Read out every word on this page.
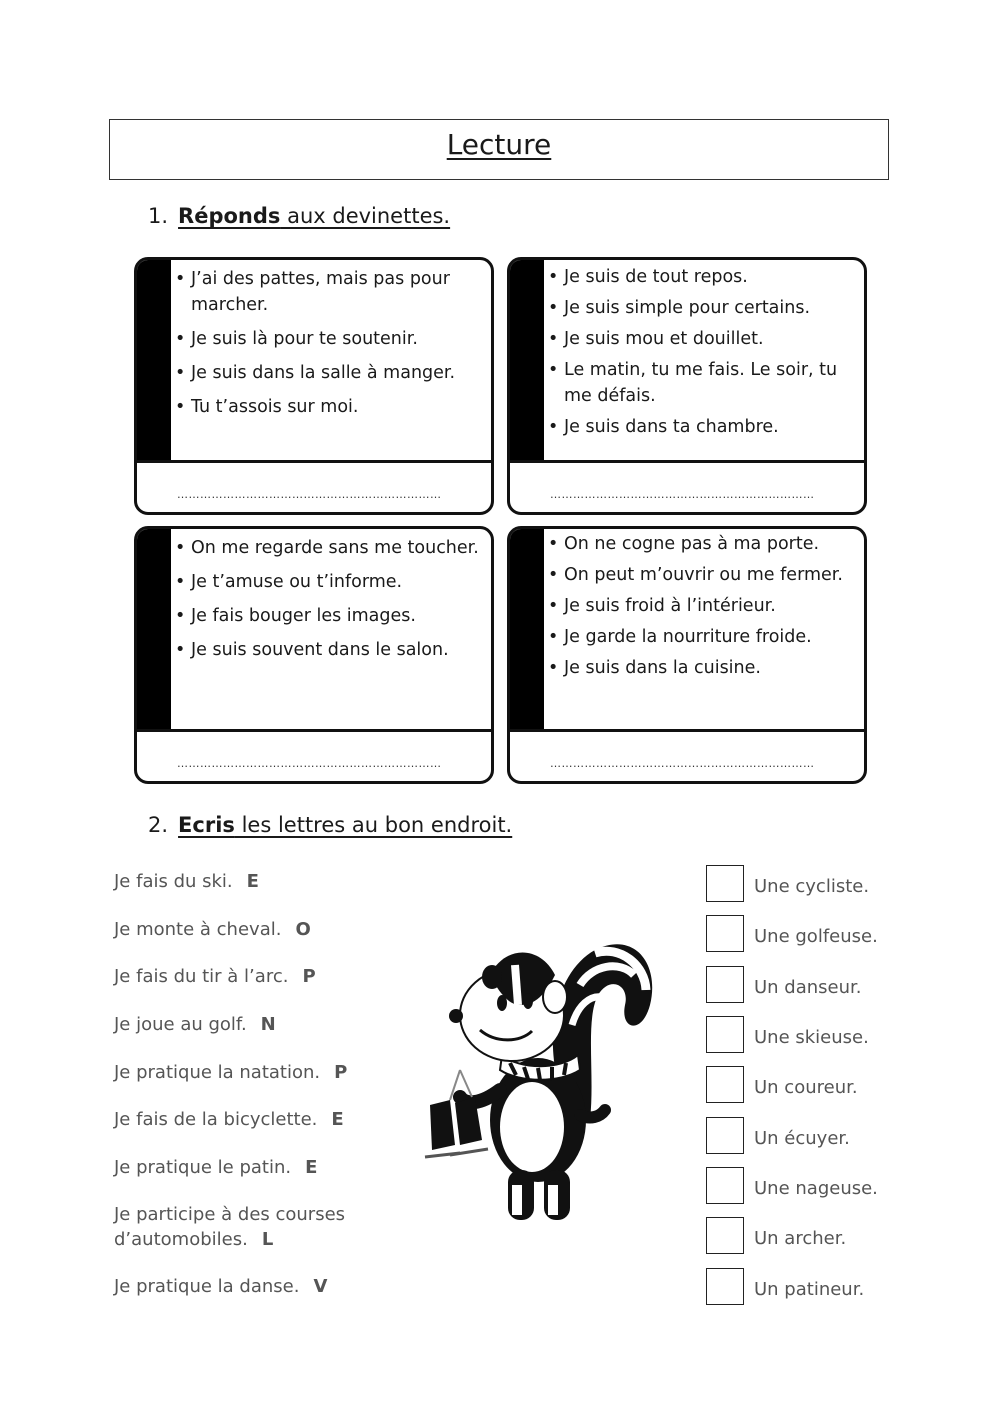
Lecture
1. Réponds aux devinettes.
• J’ai des pattes, mais pas pour marcher.
• Je suis là pour te soutenir.
• Je suis dans la salle à manger.
• Tu t’assois sur moi.
……………………………………………………………
• Je suis de tout repos.
• Je suis simple pour certains.
• Je suis mou et douillet.
• Le matin, tu me fais. Le soir, tu me défais.
• Je suis dans ta chambre.
……………………………………………………………
• On me regarde sans me toucher.
• Je t’amuse ou t’informe.
• Je fais bouger les images.
• Je suis souvent dans le salon.
……………………………………………………………
• On ne cogne pas à ma porte.
• On peut m’ouvrir ou me fermer.
• Je suis froid à l’intérieur.
• Je garde la nourriture froide.
• Je suis dans la cuisine.
……………………………………………………………
2. Ecris les lettres au bon endroit.
Je fais du ski. E
Je monte à cheval. O
Je fais du tir à l’arc. P
Je joue au golf. N
Je pratique la natation. P
Je fais de la bicyclette. E
Je pratique le patin. E
Je participe à des courses d’automobiles. L
Je pratique la danse. V
Une cycliste.
Une golfeuse.
Un danseur.
Une skieuse.
Un coureur.
Un écuyer.
Une nageuse.
Un archer.
Un patineur.
